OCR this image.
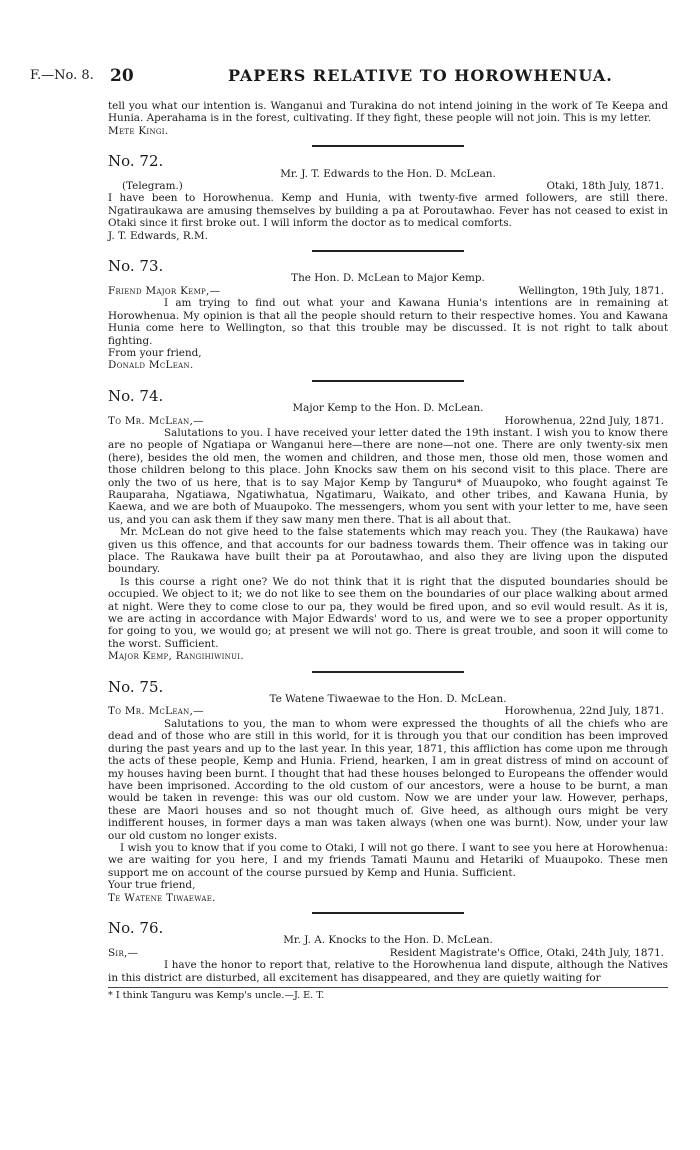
F.—No. 8. 20	PAPERS RELATIVE TO HOROWHENUA.

tell you what our intention is. Wanganui and Turakina do not intend joining in the work of Te Keepa and Hunia. Aperahama is in the forest, cultivating. If they fight, these people will not join. This is my letter.

Mete Kingi.

No. 72.

Mr. J. T. Edwards to the Hon. D. McLean.

(Telegram.)	Otaki, 18th July, 1871.

I have been to Horowhenua. Kemp and Hunia, with twenty-five armed followers, are still there. Ngatiraukawa are amusing themselves by building a pa at Poroutawhao. Fever has not ceased to exist in Otaki since it first broke out. I will inform the doctor as to medical comforts.

J. T. Edwards, R.M.

No. 73.

The Hon. D. McLean to Major Kemp.

Friend Major Kemp,—	Wellington, 19th July, 1871.

I am trying to find out what your and Kawana Hunia's intentions are in remaining at Horowhenua. My opinion is that all the people should return to their respective homes. You and Kawana Hunia come here to Wellington, so that this trouble may be discussed. It is not right to talk about fighting.

From your friend,

Donald McLean.

No. 74.

Major Kemp to the Hon. D. McLean.

To Mr. McLean,—	Horowhenua, 22nd July, 1871.

Salutations to you. I have received your letter dated the 19th instant. I wish you to know there are no people of Ngatiapa or Wanganui here—there are none—not one. There are only twenty-six men (here), besides the old men, the women and children, and those men, those old men, those women and those children belong to this place. John Knocks saw them on his second visit to this place. There are only the two of us here, that is to say Major Kemp by Tanguru* of Muaupoko, who fought against Te Rauparaha, Ngatiawa, Ngatiwhatua, Ngatimaru, Waikato, and other tribes, and Kawana Hunia, by Kaewa, and we are both of Muaupoko. The messengers, whom you sent with your letter to me, have seen us, and you can ask them if they saw many men there. That is all about that.

Mr. McLean do not give heed to the false statements which may reach you. They (the Raukawa) have given us this offence, and that accounts for our badness towards them. Their offence was in taking our place. The Raukawa have built their pa at Poroutawhao, and also they are living upon the disputed boundary.

Is this course a right one? We do not think that it is right that the disputed boundaries should be occupied. We object to it; we do not like to see them on the boundaries of our place walking about armed at night. Were they to come close to our pa, they would be fired upon, and so evil would result. As it is, we are acting in accordance with Major Edwards' word to us, and were we to see a proper opportunity for going to you, we would go; at present we will not go. There is great trouble, and soon it will come to the worst. Sufficient.

Major Kemp, Rangihiwinui.

No. 75.

Te Watene Tiwaewae to the Hon. D. McLean.

To Mr. McLean,—	Horowhenua, 22nd July, 1871.

Salutations to you, the man to whom were expressed the thoughts of all the chiefs who are dead and of those who are still in this world, for it is through you that our condition has been improved during the past years and up to the last year. In this year, 1871, this affliction has come upon me through the acts of these people, Kemp and Hunia. Friend, hearken, I am in great distress of mind on account of my houses having been burnt. I thought that had these houses belonged to Europeans the offender would have been imprisoned. According to the old custom of our ancestors, were a house to be burnt, a man would be taken in revenge: this was our old custom. Now we are under your law. However, perhaps, these are Maori houses and so not thought much of. Give heed, as although ours might be very indifferent houses, in former days a man was taken always (when one was burnt). Now, under your law our old custom no longer exists.

I wish you to know that if you come to Otaki, I will not go there. I want to see you here at Horowhenua: we are waiting for you here, I and my friends Tamati Maunu and Hetariki of Muaupoko. These men support me on account of the course pursued by Kemp and Hunia. Sufficient.

Your true friend,

Te Watene Tiwaewae.

No. 76.

Mr. J. A. Knocks to the Hon. D. McLean.

Sir,—	Resident Magistrate's Office, Otaki, 24th July, 1871.

I have the honor to report that, relative to the Horowhenua land dispute, although the Natives in this district are disturbed, all excitement has disappeared, and they are quietly waiting for

* I think Tanguru was Kemp's uncle.—J. E. T.
